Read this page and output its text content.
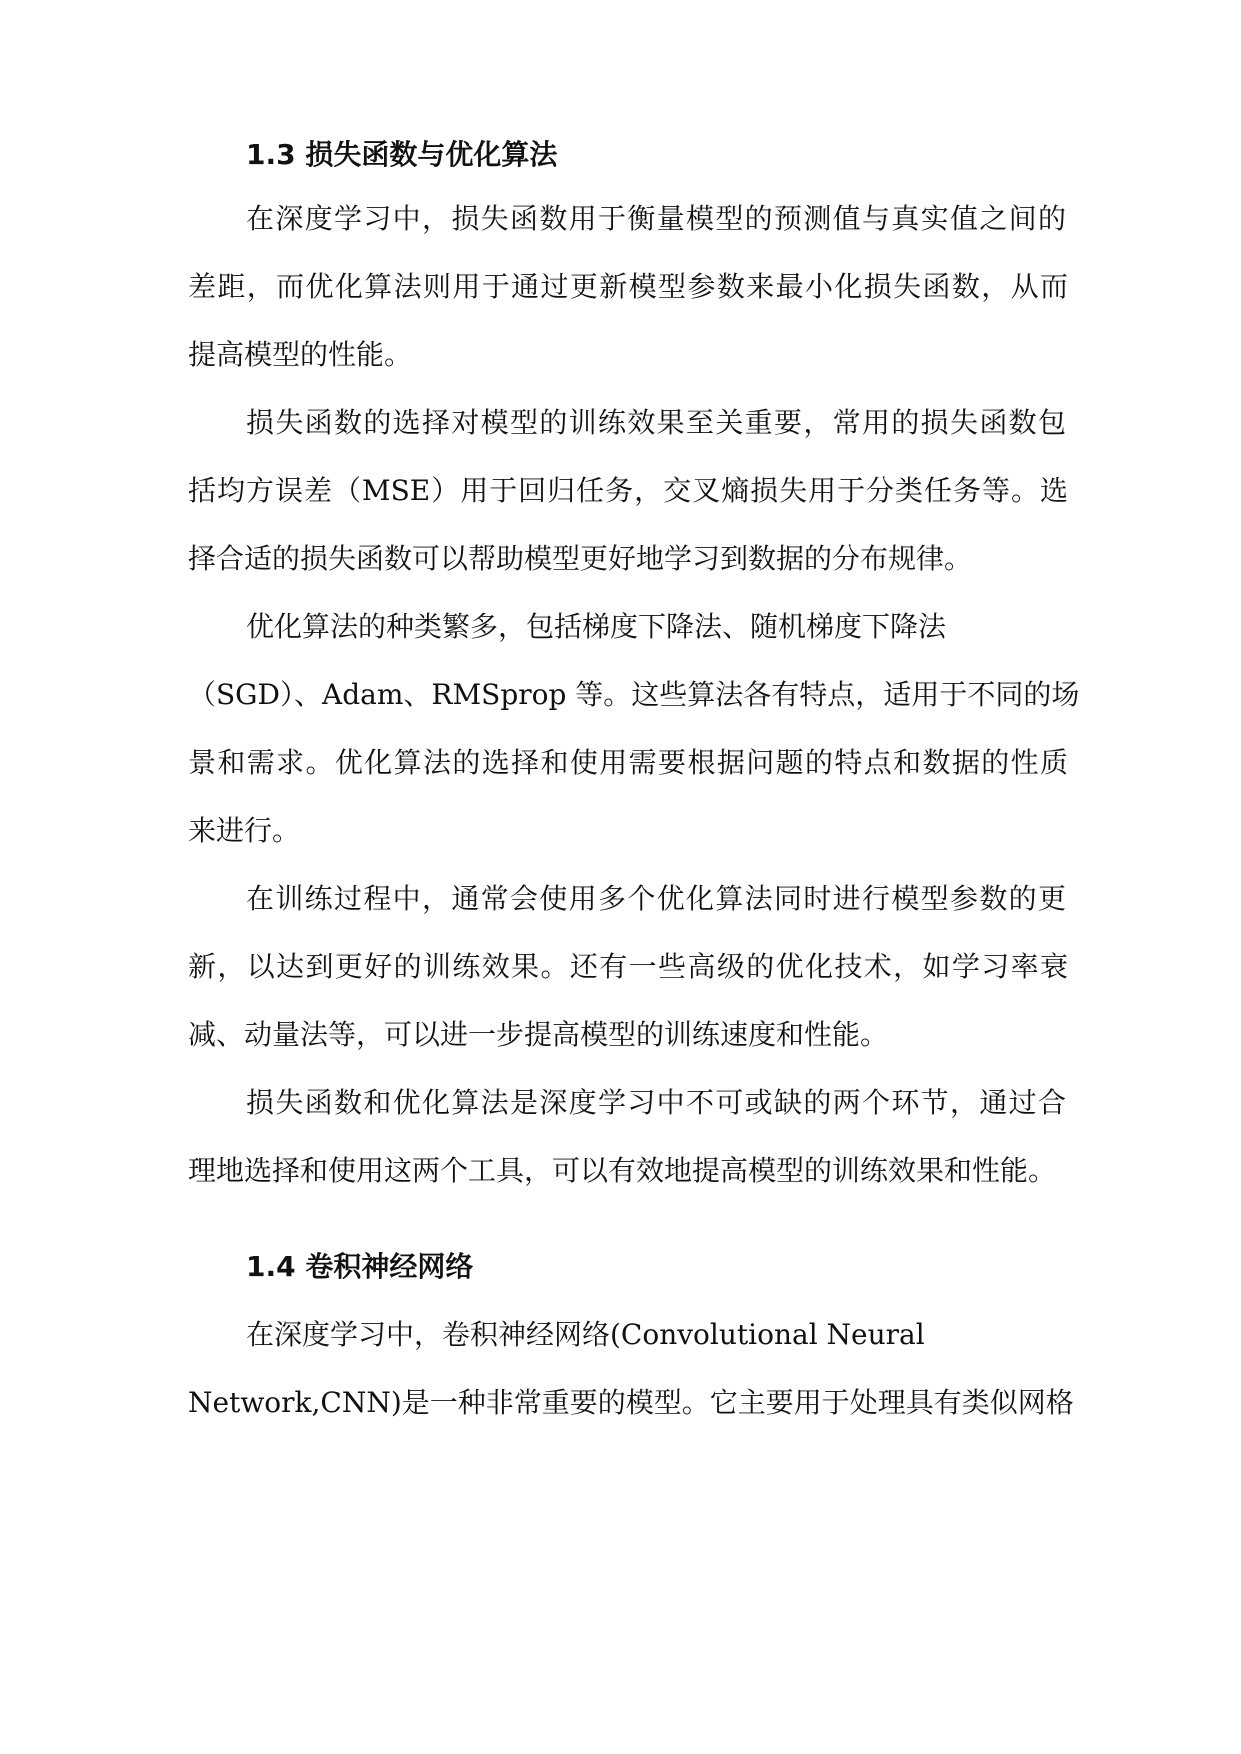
1.3 损失函数与优化算法
在深度学习中，损失函数用于衡量模型的预测值与真实值之间的
差距，而优化算法则用于通过更新模型参数来最小化损失函数，从而
提高模型的性能。
损失函数的选择对模型的训练效果至关重要，常用的损失函数包
括均方误差（MSE）用于回归任务，交叉熵损失用于分类任务等。选
择合适的损失函数可以帮助模型更好地学习到数据的分布规律。
优化算法的种类繁多，包括梯度下降法、随机梯度下降法
（SGD）、Adam、RMSprop 等。这些算法各有特点，适用于不同的场
景和需求。优化算法的选择和使用需要根据问题的特点和数据的性质
来进行。
在训练过程中，通常会使用多个优化算法同时进行模型参数的更
新，以达到更好的训练效果。还有一些高级的优化技术，如学习率衰
减、动量法等，可以进一步提高模型的训练速度和性能。
损失函数和优化算法是深度学习中不可或缺的两个环节，通过合
理地选择和使用这两个工具，可以有效地提高模型的训练效果和性能。
1.4 卷积神经网络
在深度学习中，卷积神经网络(Convolutional Neural
Network,CNN)是一种非常重要的模型。它主要用于处理具有类似网格
